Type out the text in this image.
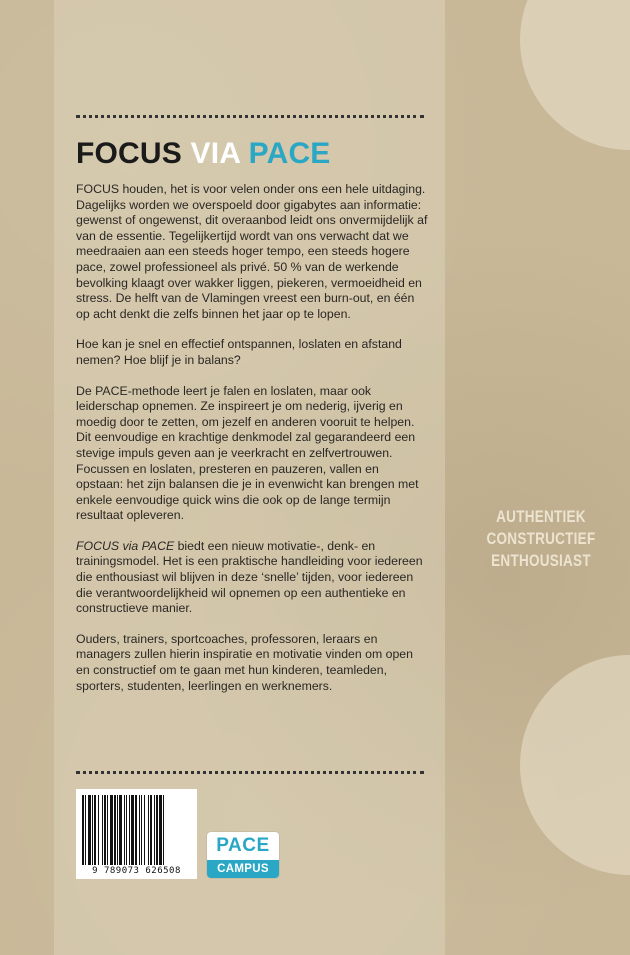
FOCUS VIA PACE

FOCUS houden, het is voor velen onder ons een hele uitdaging. Dagelijks worden we overspoeld door gigabytes aan informatie: gewenst of ongewenst, dit overaanbod leidt ons onvermijdelijk af van de essentie. Tegelijkertijd wordt van ons verwacht dat we meedraaien aan een steeds hoger tempo, een steeds hogere pace, zowel professioneel als privé. 50 % van de werkende bevolking klaagt over wakker liggen, piekeren, vermoeidheid en stress. De helft van de Vlamingen vreest een burn-out, en één op acht denkt die zelfs binnen het jaar op te lopen.

Hoe kan je snel en effectief ontspannen, loslaten en afstand nemen? Hoe blijf je in balans?

De PACE-methode leert je falen en loslaten, maar ook leiderschap opnemen. Ze inspireert je om nederig, ijverig en moedig door te zetten, om jezelf en anderen vooruit te helpen. Dit eenvoudige en krachtige denkmodel zal gegarandeerd een stevige impuls geven aan je veerkracht en zelfvertrouwen. Focussen en loslaten, presteren en pauzeren, vallen en opstaan: het zijn balansen die je in evenwicht kan brengen met enkele eenvoudige quick wins die ook op de lange termijn resultaat opleveren.

FOCUS via PACE biedt een nieuw motivatie-, denk- en trainingsmodel. Het is een praktische handleiding voor iedereen die enthousiast wil blijven in deze ‘snelle’ tijden, voor iedereen die verantwoordelijkheid wil opnemen op een authentieke en constructieve manier.

Ouders, trainers, sportcoaches, professoren, leraars en managers zullen hierin inspiratie en motivatie vinden om open en constructief om te gaan met hun kinderen, teamleden, sporters, studenten, leerlingen en werknemers.

AUTHENTIEK
CONSTRUCTIEF
ENTHOUSIAST
9 789073 626508
PACE
CAMPUS
